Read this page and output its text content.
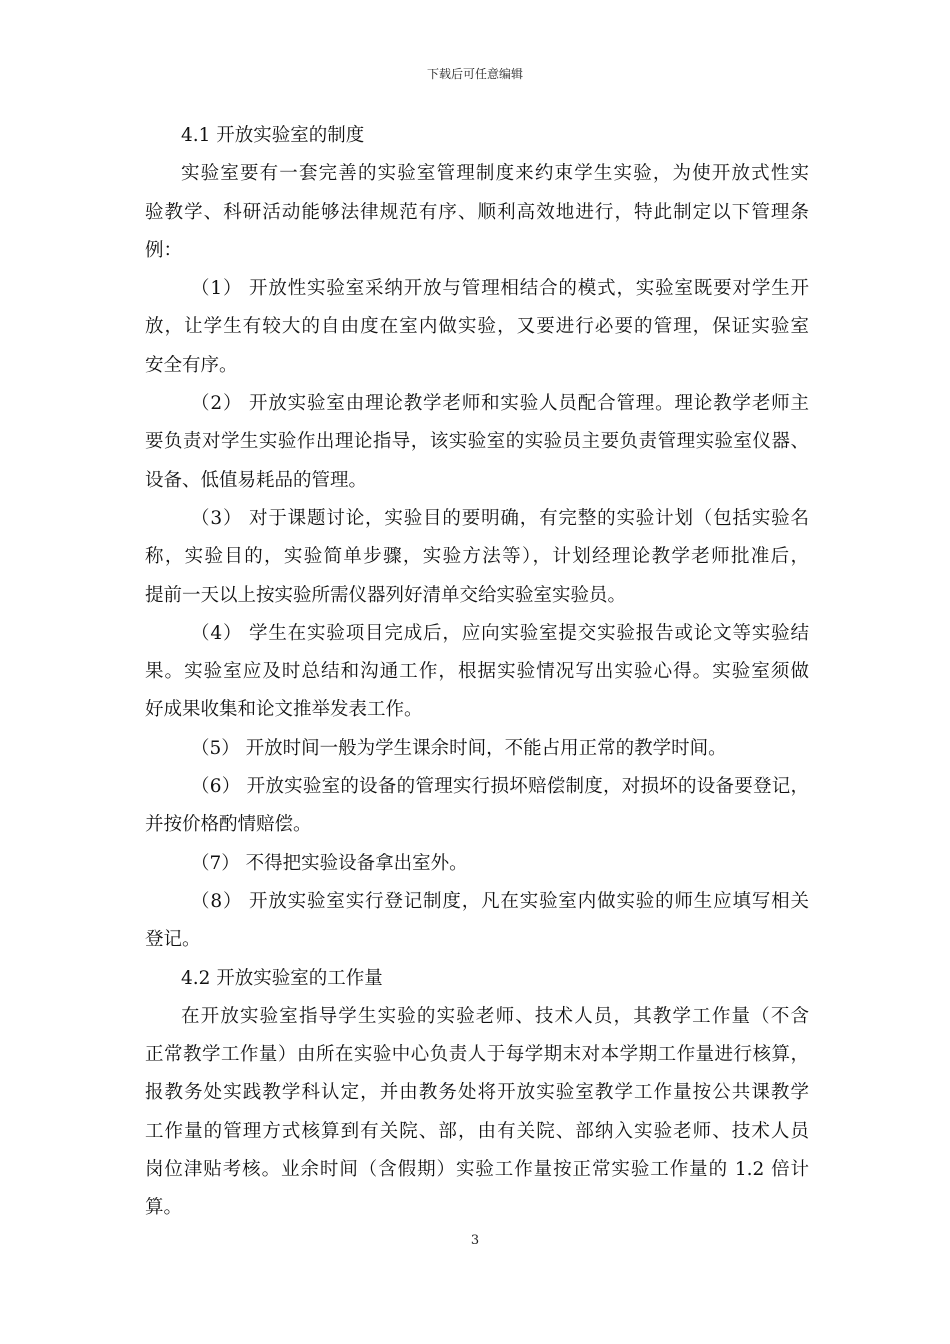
下载后可任意编辑
4.1 开放实验室的制度
实验室要有一套完善的实验室管理制度来约束学生实验，为使开放式性实
验教学、科研活动能够法律规范有序、顺利高效地进行，特此制定以下管理条
例：
（1） 开放性实验室采纳开放与管理相结合的模式，实验室既要对学生开
放，让学生有较大的自由度在室内做实验，又要进行必要的管理，保证实验室
安全有序。
（2） 开放实验室由理论教学老师和实验人员配合管理。理论教学老师主
要负责对学生实验作出理论指导，该实验室的实验员主要负责管理实验室仪器、
设备、低值易耗品的管理。
（3） 对于课题讨论，实验目的要明确，有完整的实验计划（包括实验名
称，实验目的，实验简单步骤，实验方法等），计划经理论教学老师批准后，
提前一天以上按实验所需仪器列好清单交给实验室实验员。
（4） 学生在实验项目完成后，应向实验室提交实验报告或论文等实验结
果。实验室应及时总结和沟通工作，根据实验情况写出实验心得。实验室须做
好成果收集和论文推举发表工作。
（5） 开放时间一般为学生课余时间，不能占用正常的教学时间。
（6） 开放实验室的设备的管理实行损坏赔偿制度，对损坏的设备要登记，
并按价格酌情赔偿。
（7） 不得把实验设备拿出室外。
（8） 开放实验室实行登记制度，凡在实验室内做实验的师生应填写相关
登记。
4.2 开放实验室的工作量
在开放实验室指导学生实验的实验老师、技术人员，其教学工作量（不含
正常教学工作量）由所在实验中心负责人于每学期末对本学期工作量进行核算，
报教务处实践教学科认定，并由教务处将开放实验室教学工作量按公共课教学
工作量的管理方式核算到有关院、部，由有关院、部纳入实验老师、技术人员
岗位津贴考核。业余时间（含假期）实验工作量按正常实验工作量的 1.2 倍计
算。
3
